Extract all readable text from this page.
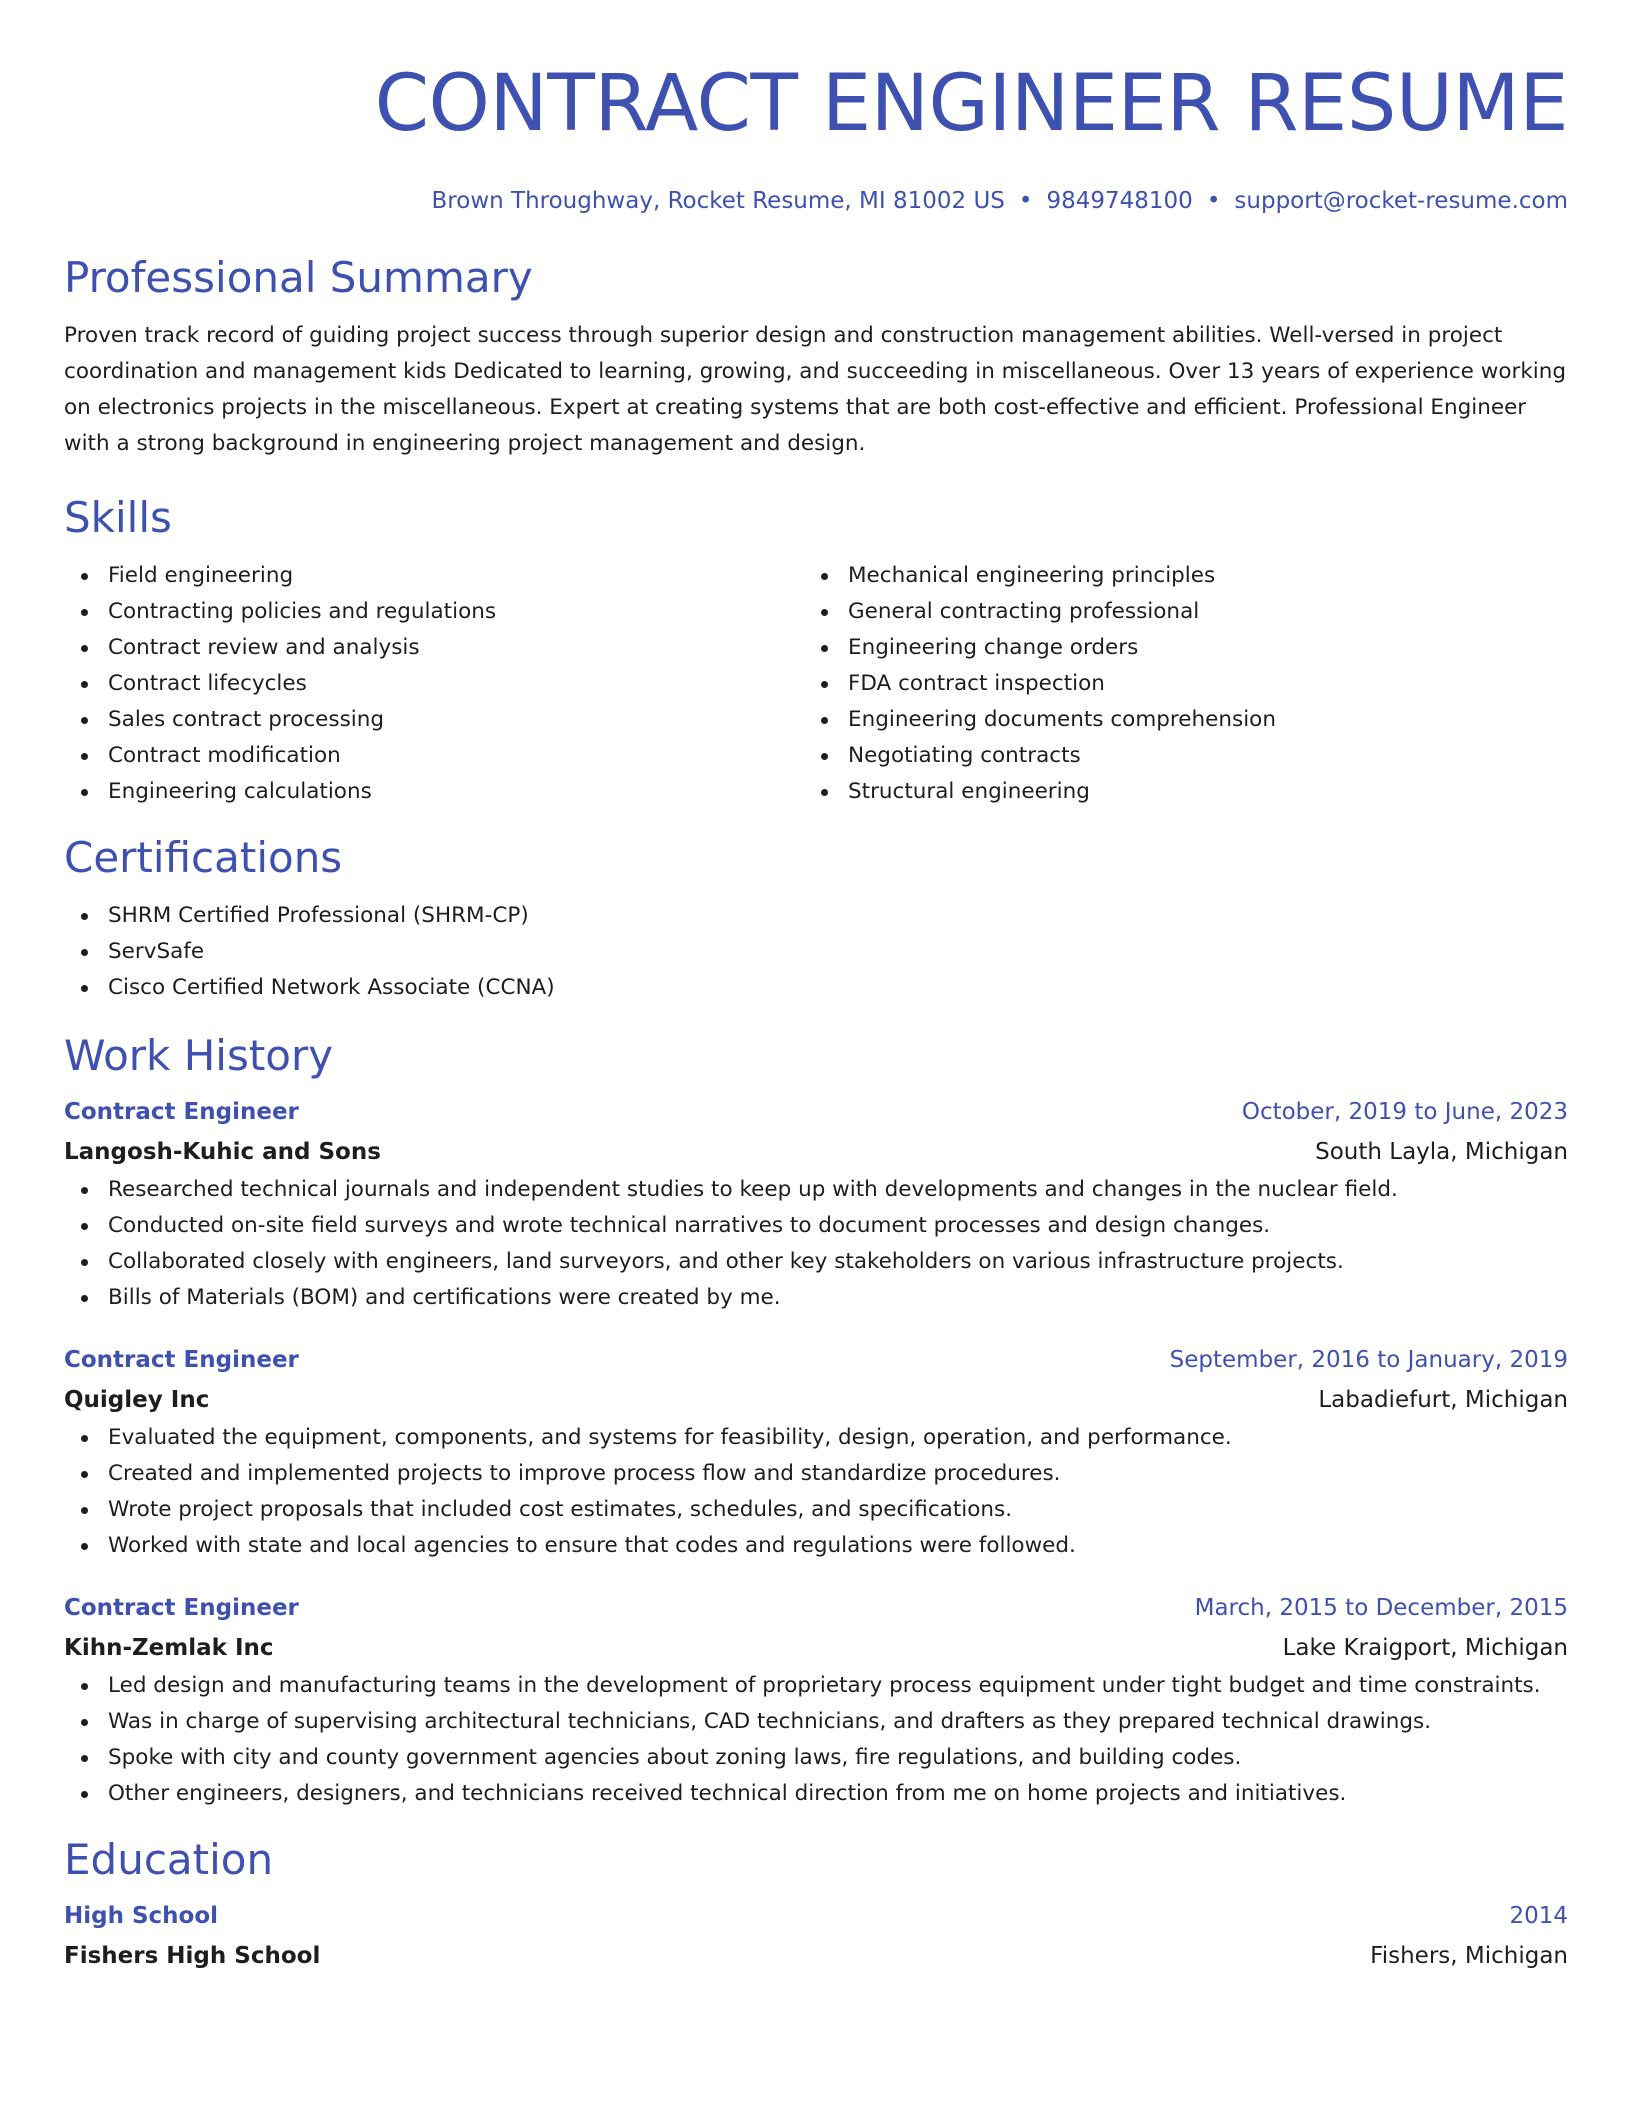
CONTRACT ENGINEER RESUME
Brown Throughway, Rocket Resume, MI 81002 US • 9849748100 • support@rocket-resume.com
Professional Summary
Proven track record of guiding project success through superior design and construction management abilities. Well-versed in project coordination and management kids Dedicated to learning, growing, and succeeding in miscellaneous. Over 13 years of experience working on electronics projects in the miscellaneous. Expert at creating systems that are both cost-effective and efficient. Professional Engineer with a strong background in engineering project management and design.
Skills
Field engineering
Contracting policies and regulations
Contract review and analysis
Contract lifecycles
Sales contract processing
Contract modification
Engineering calculations
Mechanical engineering principles
General contracting professional
Engineering change orders
FDA contract inspection
Engineering documents comprehension
Negotiating contracts
Structural engineering
Certifications
SHRM Certified Professional (SHRM-CP)
ServSafe
Cisco Certified Network Associate (CCNA)
Work History
Contract Engineer	October, 2019 to June, 2023
Langosh-Kuhic and Sons	South Layla, Michigan
Researched technical journals and independent studies to keep up with developments and changes in the nuclear field.
Conducted on-site field surveys and wrote technical narratives to document processes and design changes.
Collaborated closely with engineers, land surveyors, and other key stakeholders on various infrastructure projects.
Bills of Materials (BOM) and certifications were created by me.
Contract Engineer	September, 2016 to January, 2019
Quigley Inc	Labadiefurt, Michigan
Evaluated the equipment, components, and systems for feasibility, design, operation, and performance.
Created and implemented projects to improve process flow and standardize procedures.
Wrote project proposals that included cost estimates, schedules, and specifications.
Worked with state and local agencies to ensure that codes and regulations were followed.
Contract Engineer	March, 2015 to December, 2015
Kihn-Zemlak Inc	Lake Kraigport, Michigan
Led design and manufacturing teams in the development of proprietary process equipment under tight budget and time constraints.
Was in charge of supervising architectural technicians, CAD technicians, and drafters as they prepared technical drawings.
Spoke with city and county government agencies about zoning laws, fire regulations, and building codes.
Other engineers, designers, and technicians received technical direction from me on home projects and initiatives.
Education
High School	2014
Fishers High School	Fishers, Michigan
